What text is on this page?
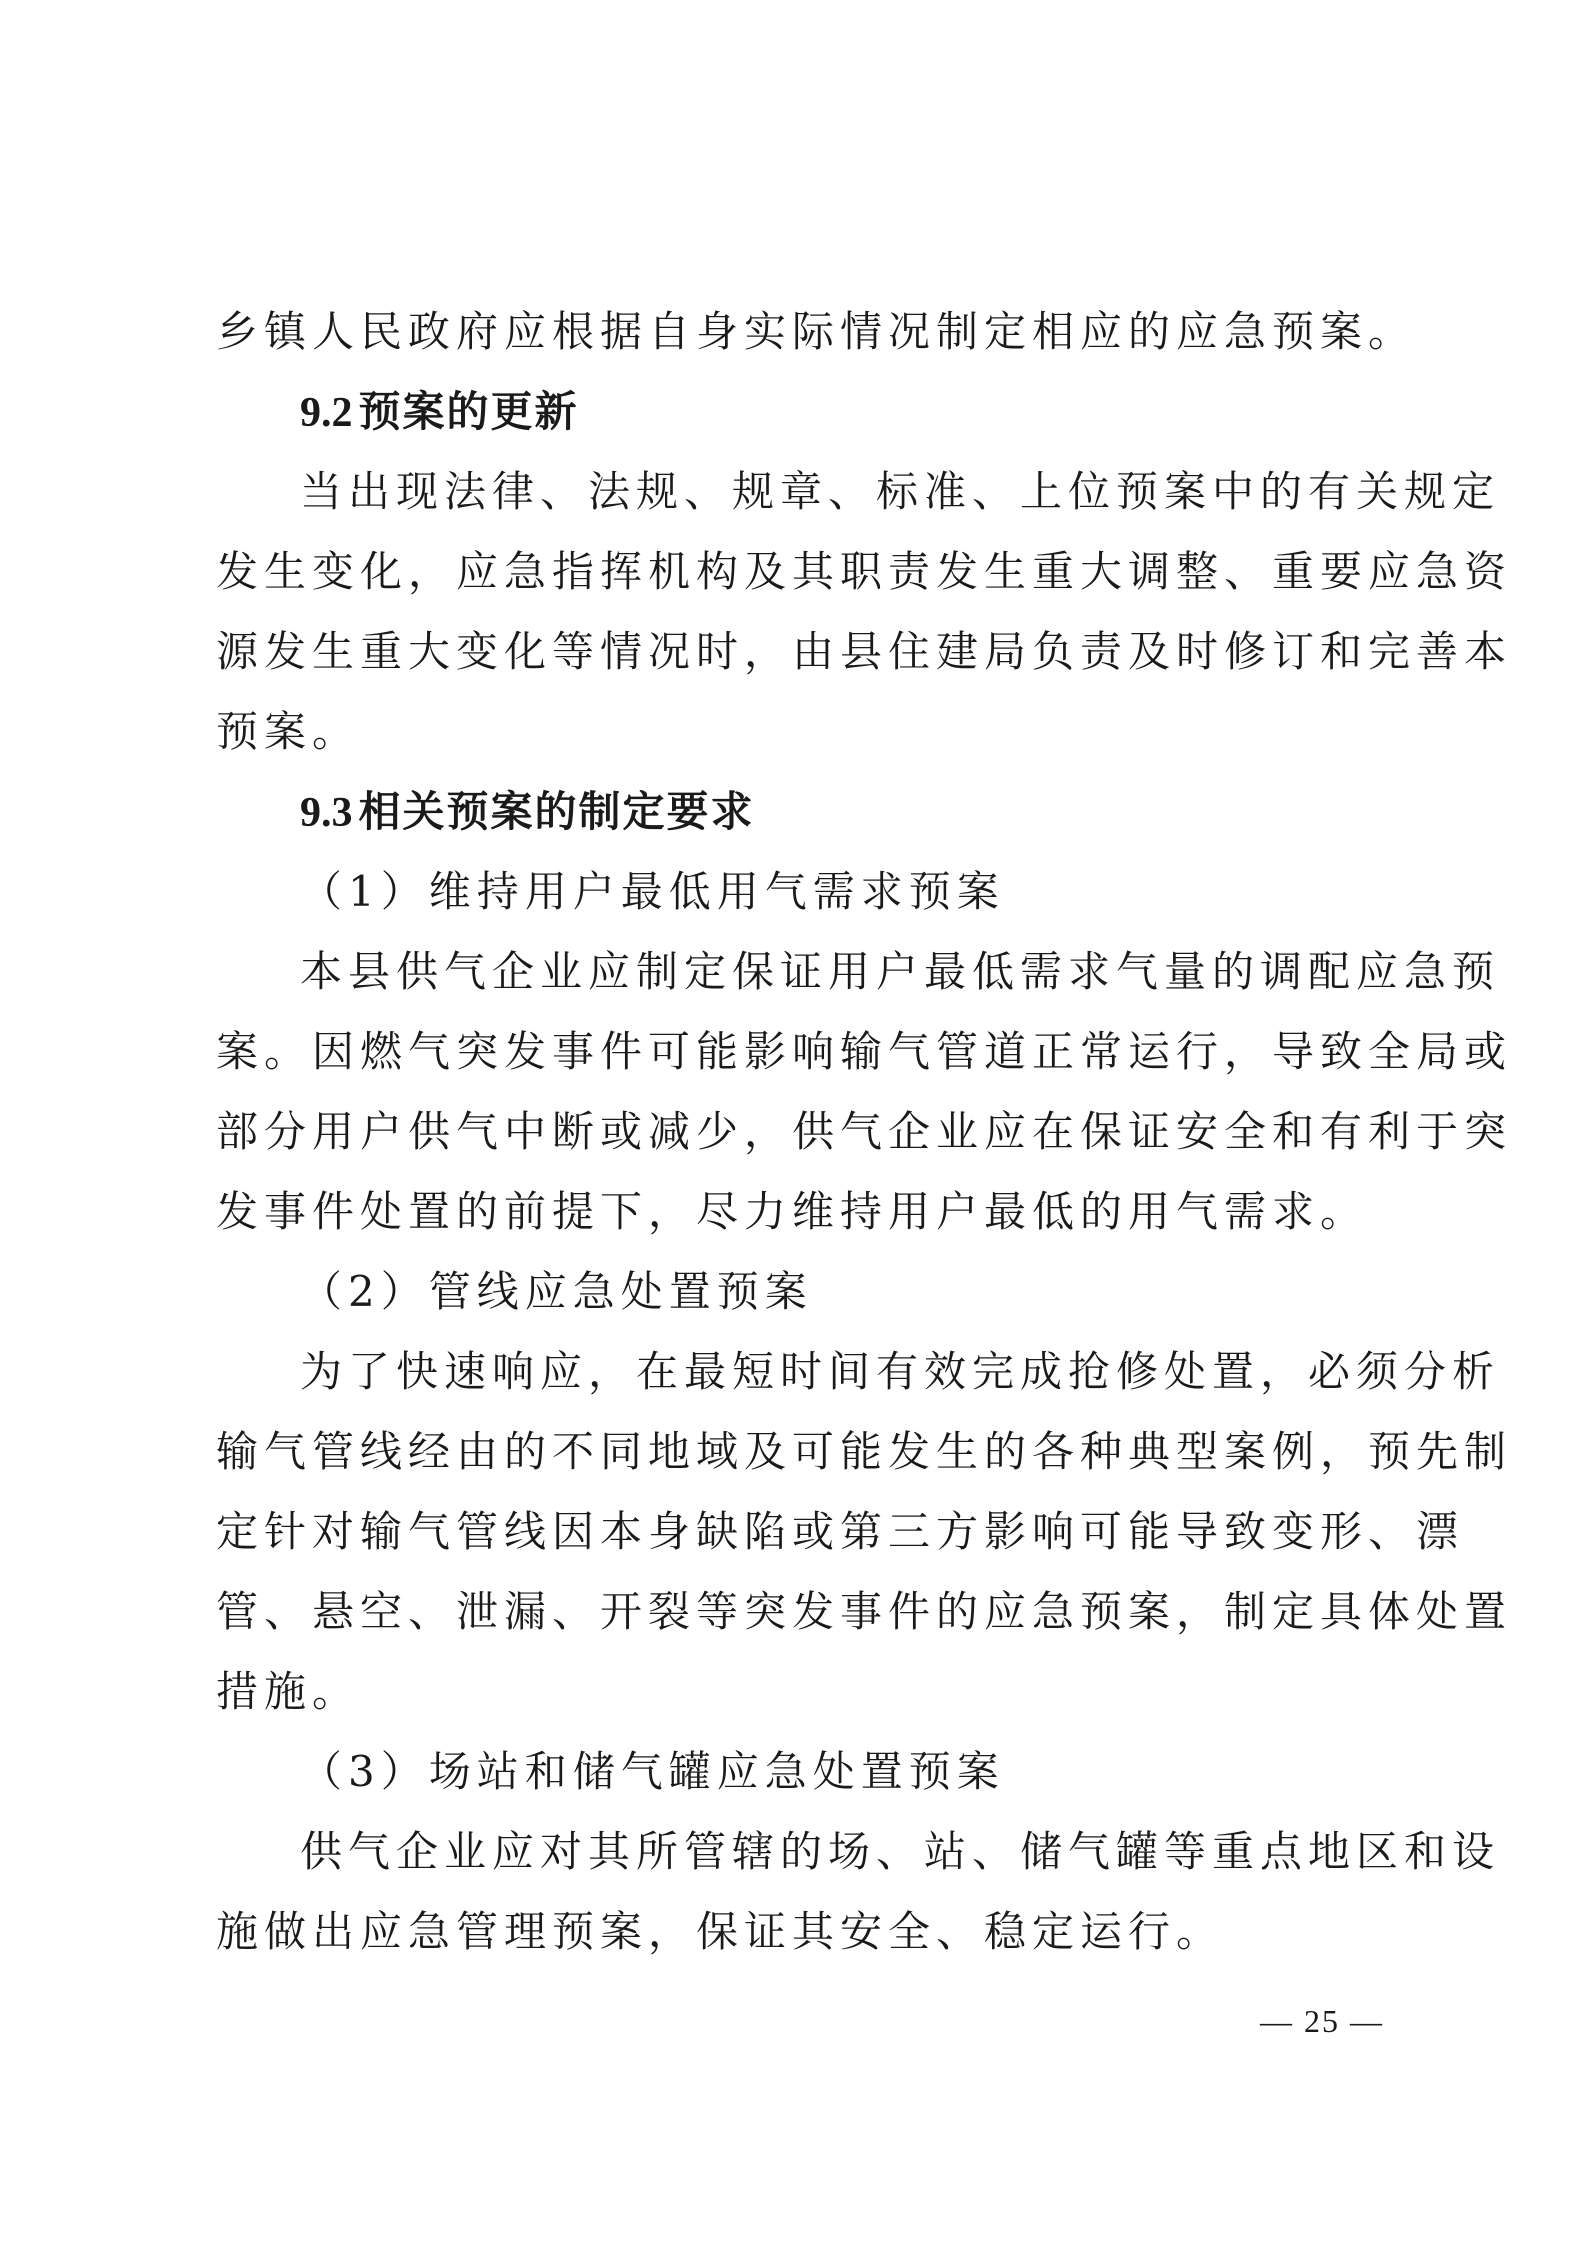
乡镇人民政府应根据自身实际情况制定相应的应急预案。
9.2 预案的更新
当出现法律、法规、规章、标准、上位预案中的有关规定
发生变化，应急指挥机构及其职责发生重大调整、重要应急资
源发生重大变化等情况时，由县住建局负责及时修订和完善本
预案。
9.3 相关预案的制定要求
（1）维持用户最低用气需求预案
本县供气企业应制定保证用户最低需求气量的调配应急预
案。因燃气突发事件可能影响输气管道正常运行，导致全局或
部分用户供气中断或减少，供气企业应在保证安全和有利于突
发事件处置的前提下，尽力维持用户最低的用气需求。
（2）管线应急处置预案
为了快速响应，在最短时间有效完成抢修处置，必须分析
输气管线经由的不同地域及可能发生的各种典型案例，预先制
定针对输气管线因本身缺陷或第三方影响可能导致变形、漂
管、悬空、泄漏、开裂等突发事件的应急预案，制定具体处置
措施。
（3）场站和储气罐应急处置预案
供气企业应对其所管辖的场、站、储气罐等重点地区和设
施做出应急管理预案，保证其安全、稳定运行。
— 25 —
